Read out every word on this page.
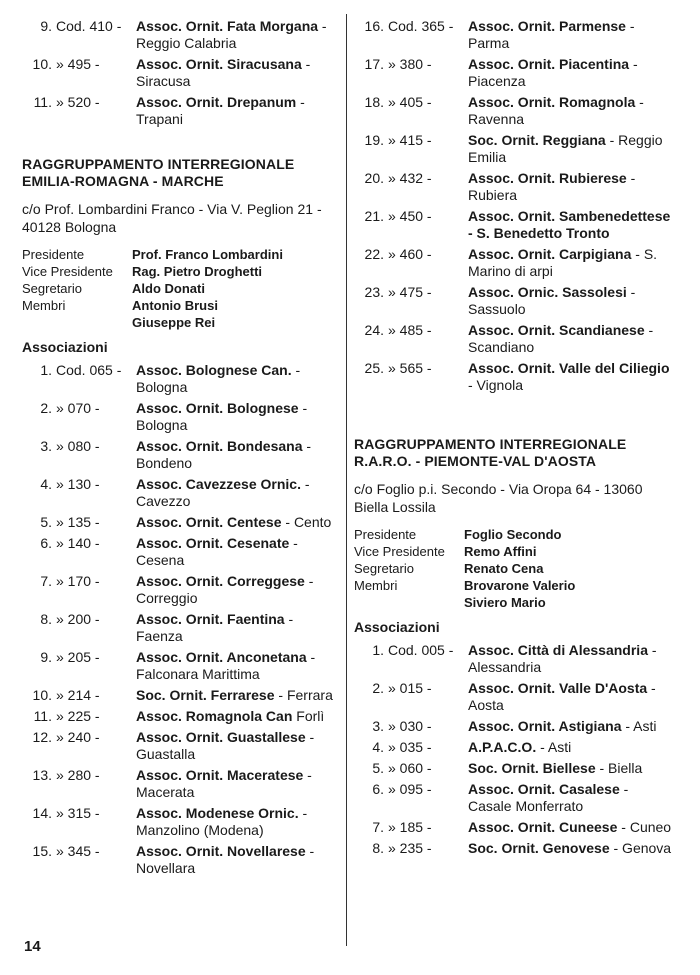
9. Cod. 410 -	Assoc. Ornit. Fata Morgana - Reggio Calabria
10. » 495 -	Assoc. Ornit. Siracusana - Siracusa
11. » 520 -	Assoc. Ornit. Drepanum - Trapani
RAGGRUPPAMENTO INTERREGIONALE
EMILIA-ROMAGNA - MARCHE
c/o Prof. Lombardini Franco - Via V. Peglion 21 - 40128 Bologna
Presidente	Prof. Franco Lombardini
Vice Presidente	Rag. Pietro Droghetti
Segretario	Aldo Donati
Membri	Antonio Brusi
Giuseppe Rei
Associazioni
1. Cod. 065 -	Assoc. Bolognese Can. - Bologna
2. » 070 -	Assoc. Ornit. Bolognese - Bologna
3. » 080 -	Assoc. Ornit. Bondesana - Bondeno
4. » 130 -	Assoc. Cavezzese Ornic. - Cavezzo
5. » 135 -	Assoc. Ornit. Centese - Cento
6. » 140 -	Assoc. Ornit. Cesenate - Cesena
7. » 170 -	Assoc. Ornit. Correggese - Correggio
8. » 200 -	Assoc. Ornit. Faentina - Faenza
9. » 205 -	Assoc. Ornit. Anconetana - Falconara Marittima
10. » 214 -	Soc. Ornit. Ferrarese - Ferrara
11. » 225 -	Assoc. Romagnola Can Forlì
12. » 240 -	Assoc. Ornit. Guastallese - Guastalla
13. » 280 -	Assoc. Ornit. Maceratese - Macerata
14. » 315 -	Assoc. Modenese Ornic. - Manzolino (Modena)
15. » 345 -	Assoc. Ornit. Novellarese - Novellara
16. Cod. 365 -	Assoc. Ornit. Parmense - Parma
17. » 380 -	Assoc. Ornit. Piacentina - Piacenza
18. » 405 -	Assoc. Ornit. Romagnola - Ravenna
19. » 415 -	Soc. Ornit. Reggiana - Reggio Emilia
20. » 432 -	Assoc. Ornit. Rubierese - Rubiera
21. » 450 -	Assoc. Ornit. Sambenedettese - S. Benedetto Tronto
22. » 460 -	Assoc. Ornit. Carpigiana - S. Marino di arpi
23. » 475 -	Assoc. Ornic. Sassolesi - Sassuolo
24. » 485 -	Assoc. Ornit. Scandianese - Scandiano
25. » 565 -	Assoc. Ornit. Valle del Ciliegio - Vignola
RAGGRUPPAMENTO INTERREGIONALE
R.A.R.O. - PIEMONTE-VAL D'AOSTA
c/o Foglio p.i. Secondo - Via Oropa 64 - 13060 Biella Lossila
Presidente	Foglio Secondo
Vice Presidente	Remo Affini
Segretario	Renato Cena
Membri	Brovarone Valerio
Siviero Mario
Associazioni
1. Cod. 005 -	Assoc. Città di Alessandria - Alessandria
2. » 015 -	Assoc. Ornit. Valle D'Aosta - Aosta
3. » 030 -	Assoc. Ornit. Astigiana - Asti
4. » 035 -	A.P.A.C.O. - Asti
5. » 060 -	Soc. Ornit. Biellese - Biella
6. » 095 -	Assoc. Ornit. Casalese - Casale Monferrato
7. » 185 -	Assoc. Ornit. Cuneese - Cuneo
8. » 235 -	Soc. Ornit. Genovese - Genova
14
